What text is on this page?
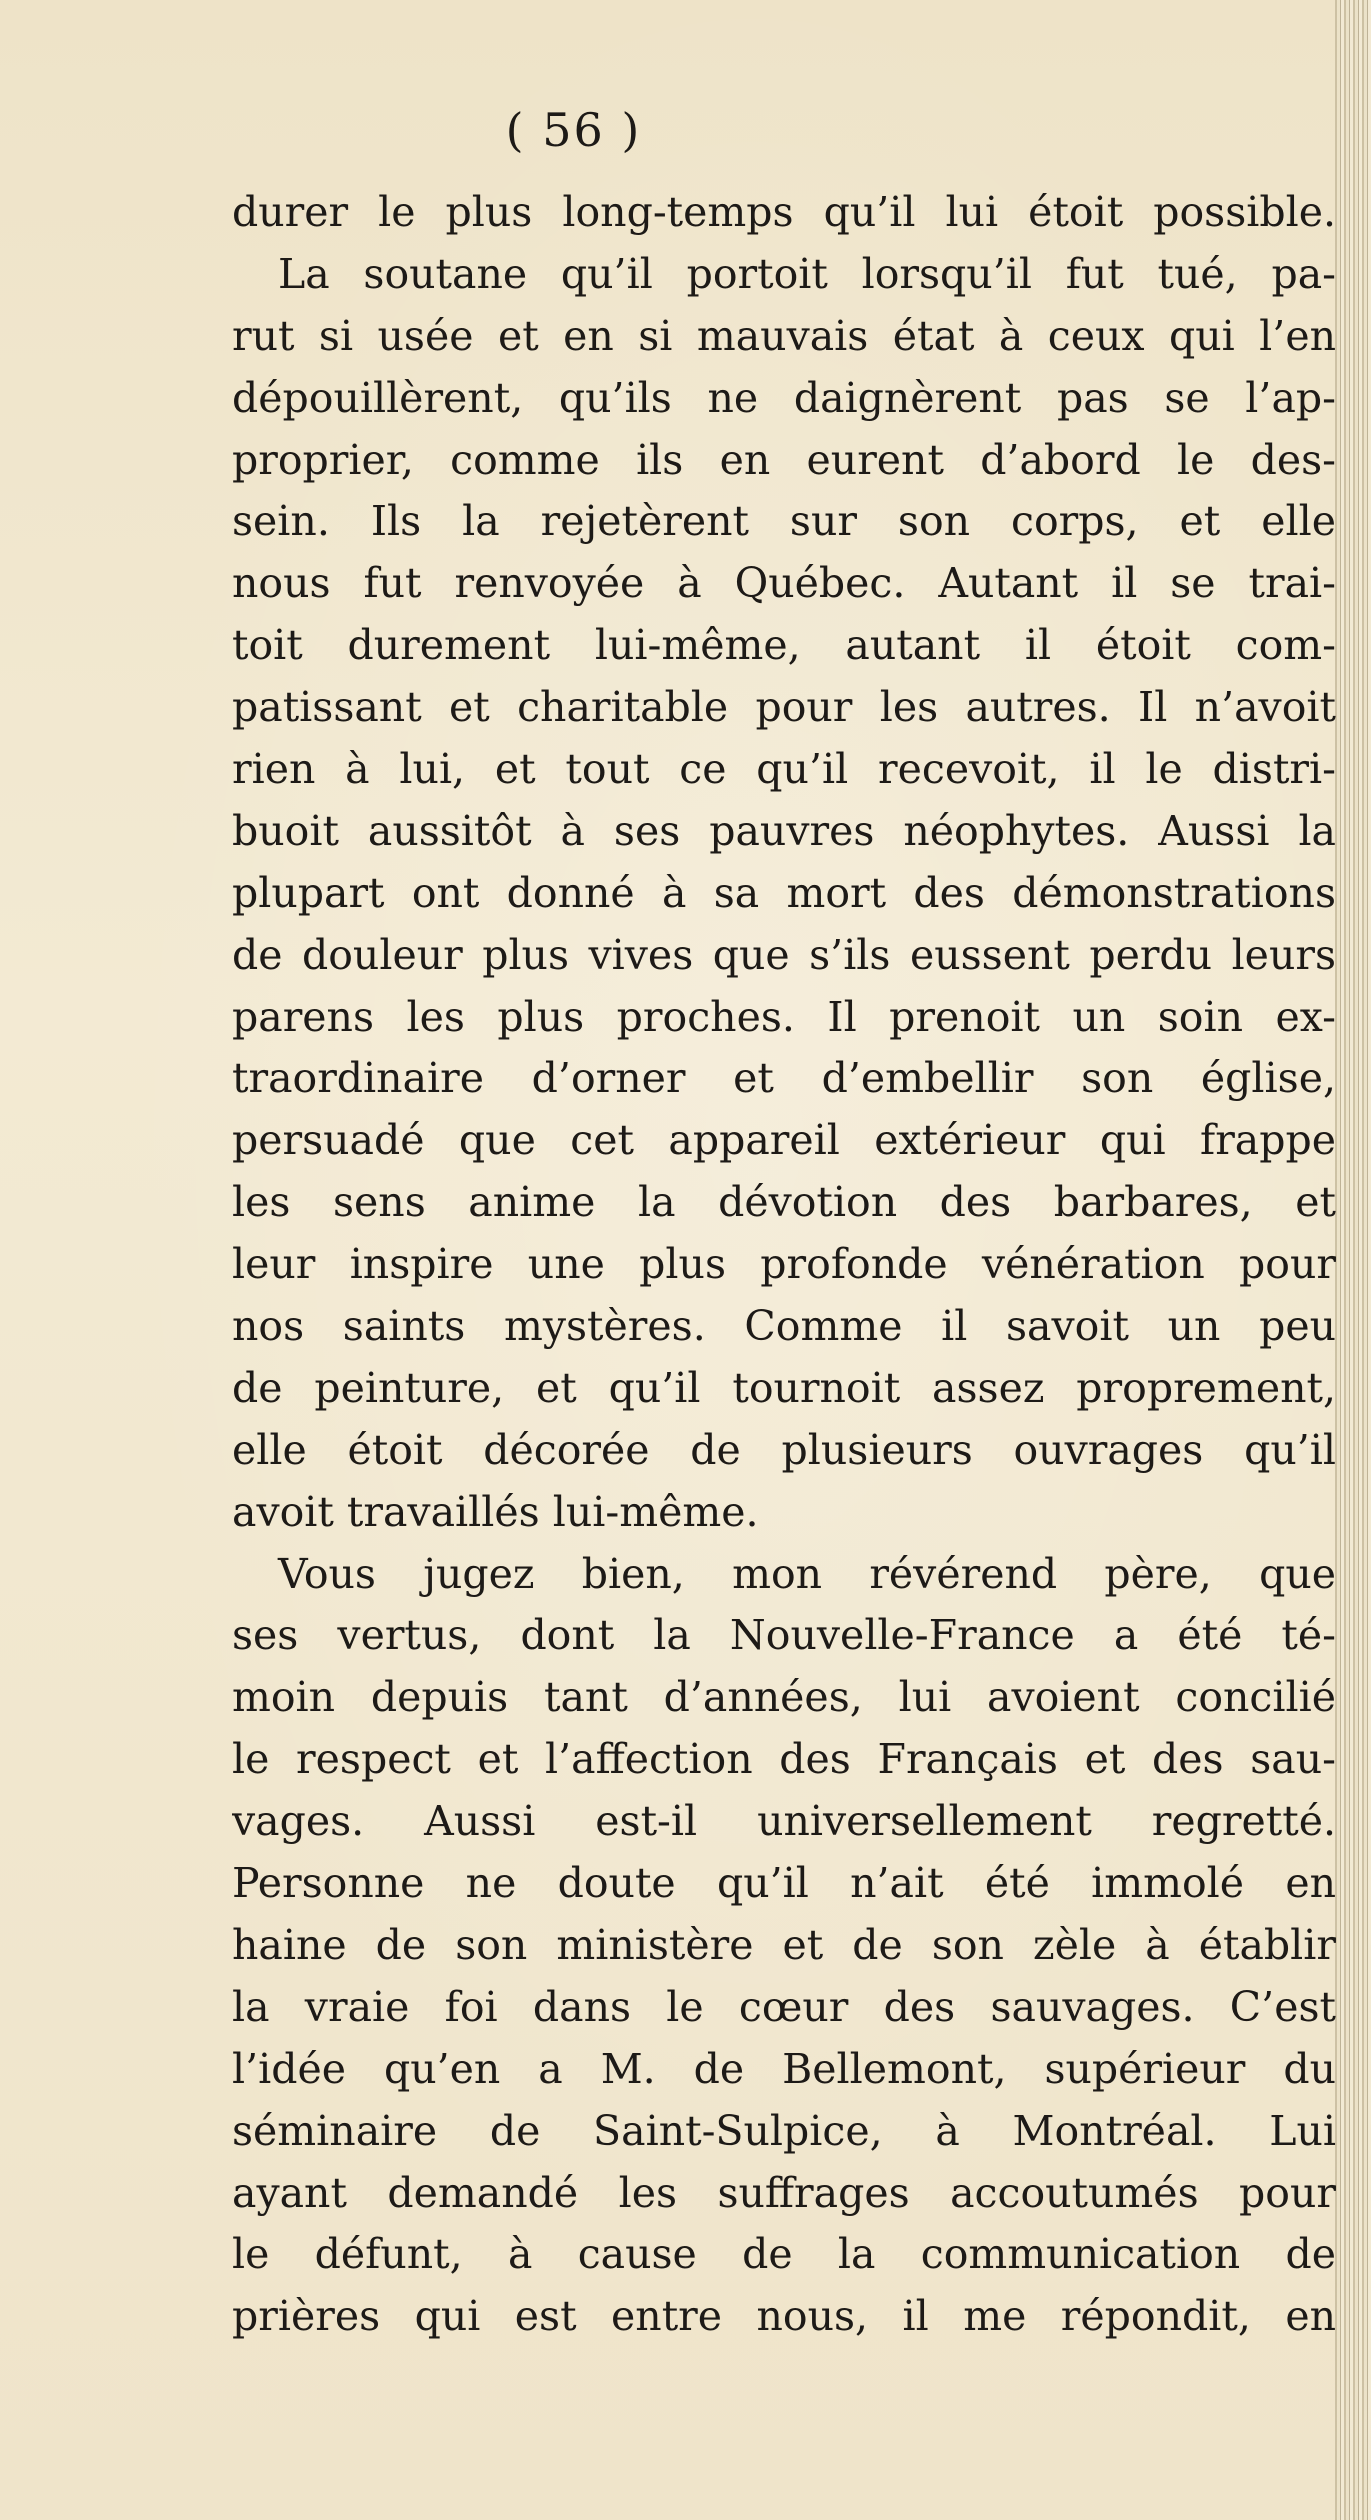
( 56 )
durer le plus long-temps qu’il lui étoit possible.
La soutane qu’il portoit lorsqu’il fut tué, pa-
rut si usée et en si mauvais état à ceux qui l’en
dépouillèrent, qu’ils ne daignèrent pas se l’ap-
proprier, comme ils en eurent d’abord le des-
sein. Ils la rejetèrent sur son corps, et elle
nous fut renvoyée à Québec. Autant il se trai-
toit durement lui-même, autant il étoit com-
patissant et charitable pour les autres. Il n’avoit
rien à lui, et tout ce qu’il recevoit, il le distri-
buoit aussitôt à ses pauvres néophytes. Aussi la
plupart ont donné à sa mort des démonstrations
de douleur plus vives que s’ils eussent perdu leurs
parens les plus proches. Il prenoit un soin ex-
traordinaire d’orner et d’embellir son église,
persuadé que cet appareil extérieur qui frappe
les sens anime la dévotion des barbares, et
leur inspire une plus profonde vénération pour
nos saints mystères. Comme il savoit un peu
de peinture, et qu’il tournoit assez proprement,
elle étoit décorée de plusieurs ouvrages qu’il
avoit travaillés lui-même.
Vous jugez bien, mon révérend père, que
ses vertus, dont la Nouvelle-France a été té-
moin depuis tant d’années, lui avoient concilié
le respect et l’affection des Français et des sau-
vages. Aussi est-il universellement regretté.
Personne ne doute qu’il n’ait été immolé en
haine de son ministère et de son zèle à établir
la vraie foi dans le cœur des sauvages. C’est
l’idée qu’en a M. de Bellemont, supérieur du
séminaire de Saint-Sulpice, à Montréal. Lui
ayant demandé les suffrages accoutumés pour
le défunt, à cause de la communication de
prières qui est entre nous, il me répondit, en
